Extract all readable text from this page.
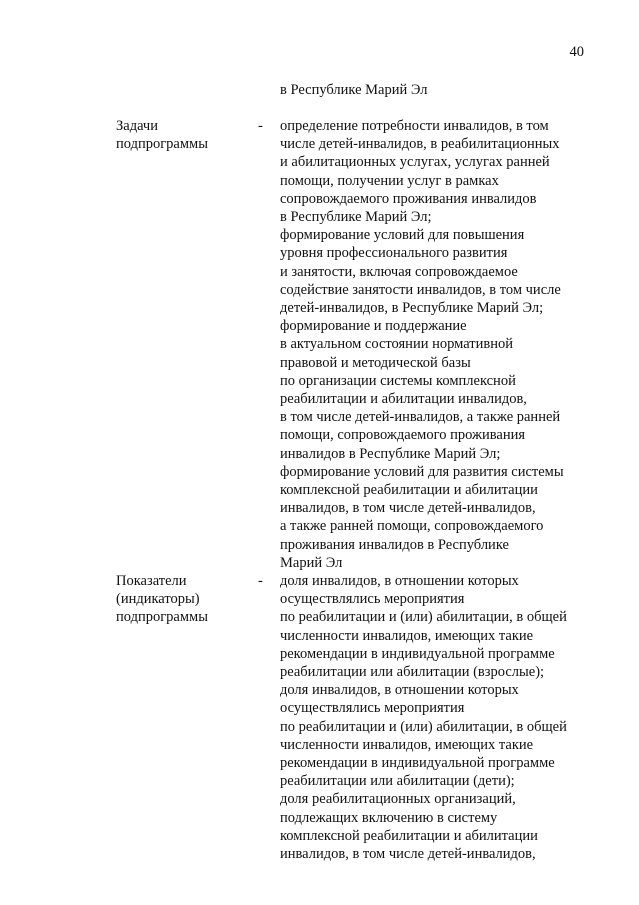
40
в Республике Марий Эл
Задачи
подпрограммы
- определение потребности инвалидов, в том
числе детей-инвалидов, в реабилитационных
и абилитационных услугах, услугах ранней
помощи, получении услуг в рамках
сопровождаемого проживания инвалидов
в Республике Марий Эл;

формирование условий для повышения
уровня профессионального развития
и занятости, включая сопровождаемое
содействие занятости инвалидов, в том числе
детей-инвалидов, в Республике Марий Эл;

формирование и поддержание
в актуальном состоянии нормативной
правовой и методической базы
по организации системы комплексной
реабилитации и абилитации инвалидов,
в том числе детей-инвалидов, а также ранней
помощи, сопровождаемого проживания
инвалидов в Республике Марий Эл;

формирование условий для развития системы
комплексной реабилитации и абилитации
инвалидов, в том числе детей-инвалидов,
а также ранней помощи, сопровождаемого
проживания инвалидов в Республике
Марий Эл

Показатели
(индикаторы)
подпрограммы
- доля инвалидов, в отношении которых
осуществлялись мероприятия
по реабилитации и (или) абилитации, в общей
численности инвалидов, имеющих такие
рекомендации в индивидуальной программе
реабилитации или абилитации (взрослые);

доля инвалидов, в отношении которых
осуществлялись мероприятия
по реабилитации и (или) абилитации, в общей
численности инвалидов, имеющих такие
рекомендации в индивидуальной программе
реабилитации или абилитации (дети);

доля реабилитационных организаций,
подлежащих включению в систему
комплексной реабилитации и абилитации
инвалидов, в том числе детей-инвалидов,
